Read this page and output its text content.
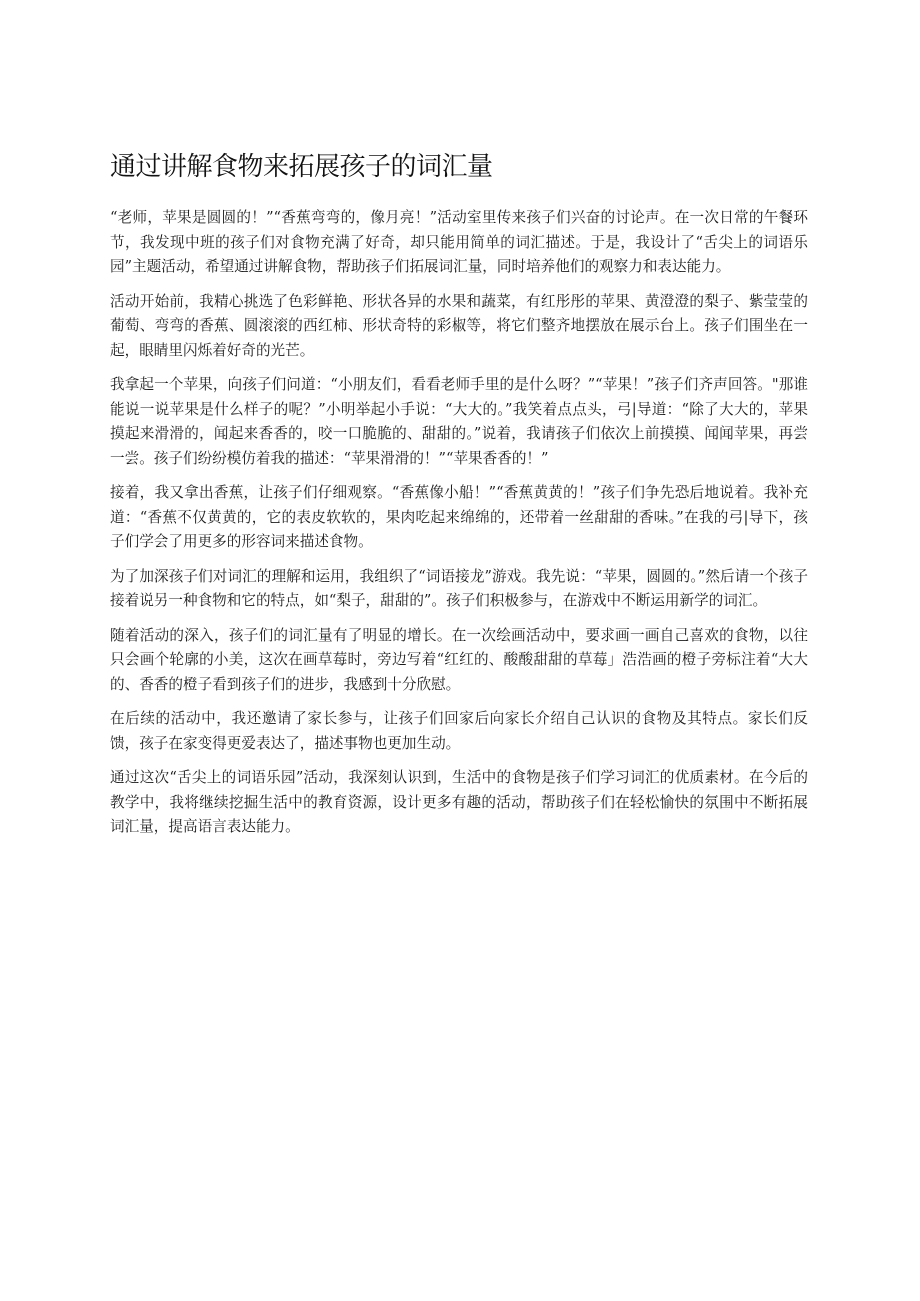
通过讲解食物来拓展孩子的词汇量

“老师，苹果是圆圆的！”“香蕉弯弯的，像月亮！”活动室里传来孩子们兴奋的讨论声。在一次日常的午餐环节，我发现中班的孩子们对食物充满了好奇，却只能用简单的词汇描述。于是，我设计了“舌尖上的词语乐园”主题活动，希望通过讲解食物，帮助孩子们拓展词汇量，同时培养他们的观察力和表达能力。

活动开始前，我精心挑选了色彩鲜艳、形状各异的水果和蔬菜，有红彤彤的苹果、黄澄澄的梨子、紫莹莹的葡萄、弯弯的香蕉、圆滚滚的西红柿、形状奇特的彩椒等，将它们整齐地摆放在展示台上。孩子们围坐在一起，眼睛里闪烁着好奇的光芒。

我拿起一个苹果，向孩子们问道：“小朋友们，看看老师手里的是什么呀？”“苹果！”孩子们齐声回答。"那谁能说一说苹果是什么样子的呢？”小明举起小手说：“大大的。”我笑着点点头，弓|导道：“除了大大的，苹果摸起来滑滑的，闻起来香香的，咬一口脆脆的、甜甜的。”说着，我请孩子们依次上前摸摸、闻闻苹果，再尝一尝。孩子们纷纷模仿着我的描述：“苹果滑滑的！”“苹果香香的！”

接着，我又拿出香蕉，让孩子们仔细观察。“香蕉像小船！”“香蕉黄黄的！”孩子们争先恐后地说着。我补充道：“香蕉不仅黄黄的，它的表皮软软的，果肉吃起来绵绵的，还带着一丝甜甜的香味。”在我的弓|导下，孩子们学会了用更多的形容词来描述食物。

为了加深孩子们对词汇的理解和运用，我组织了“词语接龙”游戏。我先说：“苹果，圆圆的。”然后请一个孩子接着说另一种食物和它的特点，如“梨子，甜甜的”。孩子们积极参与，在游戏中不断运用新学的词汇。

随着活动的深入，孩子们的词汇量有了明显的增长。在一次绘画活动中，要求画一画自己喜欢的食物，以往只会画个轮廓的小美，这次在画草莓时，旁边写着“红红的、酸酸甜甜的草莓」浩浩画的橙子旁标注着“大大的、香香的橙子看到孩子们的进步，我感到十分欣慰。

在后续的活动中，我还邀请了家长参与，让孩子们回家后向家长介绍自己认识的食物及其特点。家长们反馈，孩子在家变得更爱表达了，描述事物也更加生动。

通过这次“舌尖上的词语乐园”活动，我深刻认识到，生活中的食物是孩子们学习词汇的优质素材。在今后的教学中，我将继续挖掘生活中的教育资源，设计更多有趣的活动，帮助孩子们在轻松愉快的氛围中不断拓展词汇量，提高语言表达能力。
